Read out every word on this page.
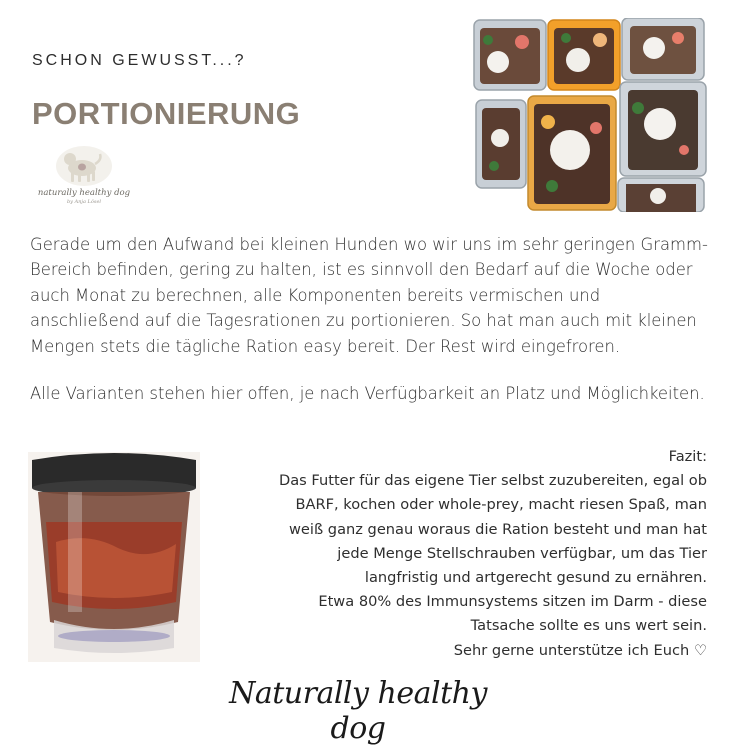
SCHON GEWUSST...?
PORTIONIERUNG
naturally healthy dog
by Anja Lösel
Gerade um den Aufwand bei kleinen Hunden wo wir uns im sehr geringen Gramm-Bereich befinden, gering zu halten, ist es sinnvoll den Bedarf auf die Woche oder auch Monat zu berechnen, alle Komponenten bereits vermischen und anschließend auf die Tagesrationen zu portionieren. So hat man auch mit kleinen Mengen stets die tägliche Ration easy bereit. Der Rest wird eingefroren.
Alle Varianten stehen hier offen, je nach Verfügbarkeit an Platz und Möglichkeiten.
Fazit:
Das Futter für das eigene Tier selbst zuzubereiten, egal ob
BARF, kochen oder whole-prey, macht riesen Spaß, man
weiß ganz genau woraus die Ration besteht und man hat
jede Menge Stellschrauben verfügbar, um das Tier
langfristig und artgerecht gesund zu ernähren.
Etwa 80% des Immunsystems sitzen im Darm - diese
Tatsache sollte es uns wert sein.
Sehr gerne unterstütze ich Euch ♡
Naturally healthy dog
